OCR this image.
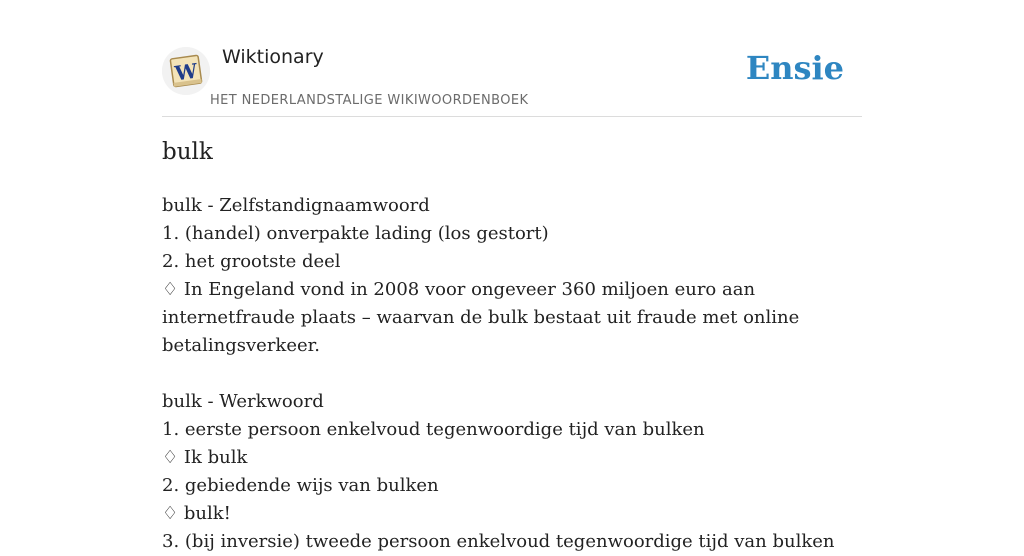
W
Wiktionary
HET NEDERLANDSTALIGE WIKIWOORDENBOEK
Ensie
bulk
bulk - Zelfstandignaamwoord
1. (handel) onverpakte lading (los gestort)
2. het grootste deel
♢ In Engeland vond in 2008 voor ongeveer 360 miljoen euro aan internetfraude plaats – waarvan de bulk bestaat uit fraude met online betalingsverkeer.
bulk - Werkwoord
1. eerste persoon enkelvoud tegenwoordige tijd van bulken
♢ Ik bulk
2. gebiedende wijs van bulken
♢ bulk!
3. (bij inversie) tweede persoon enkelvoud tegenwoordige tijd van bulken
